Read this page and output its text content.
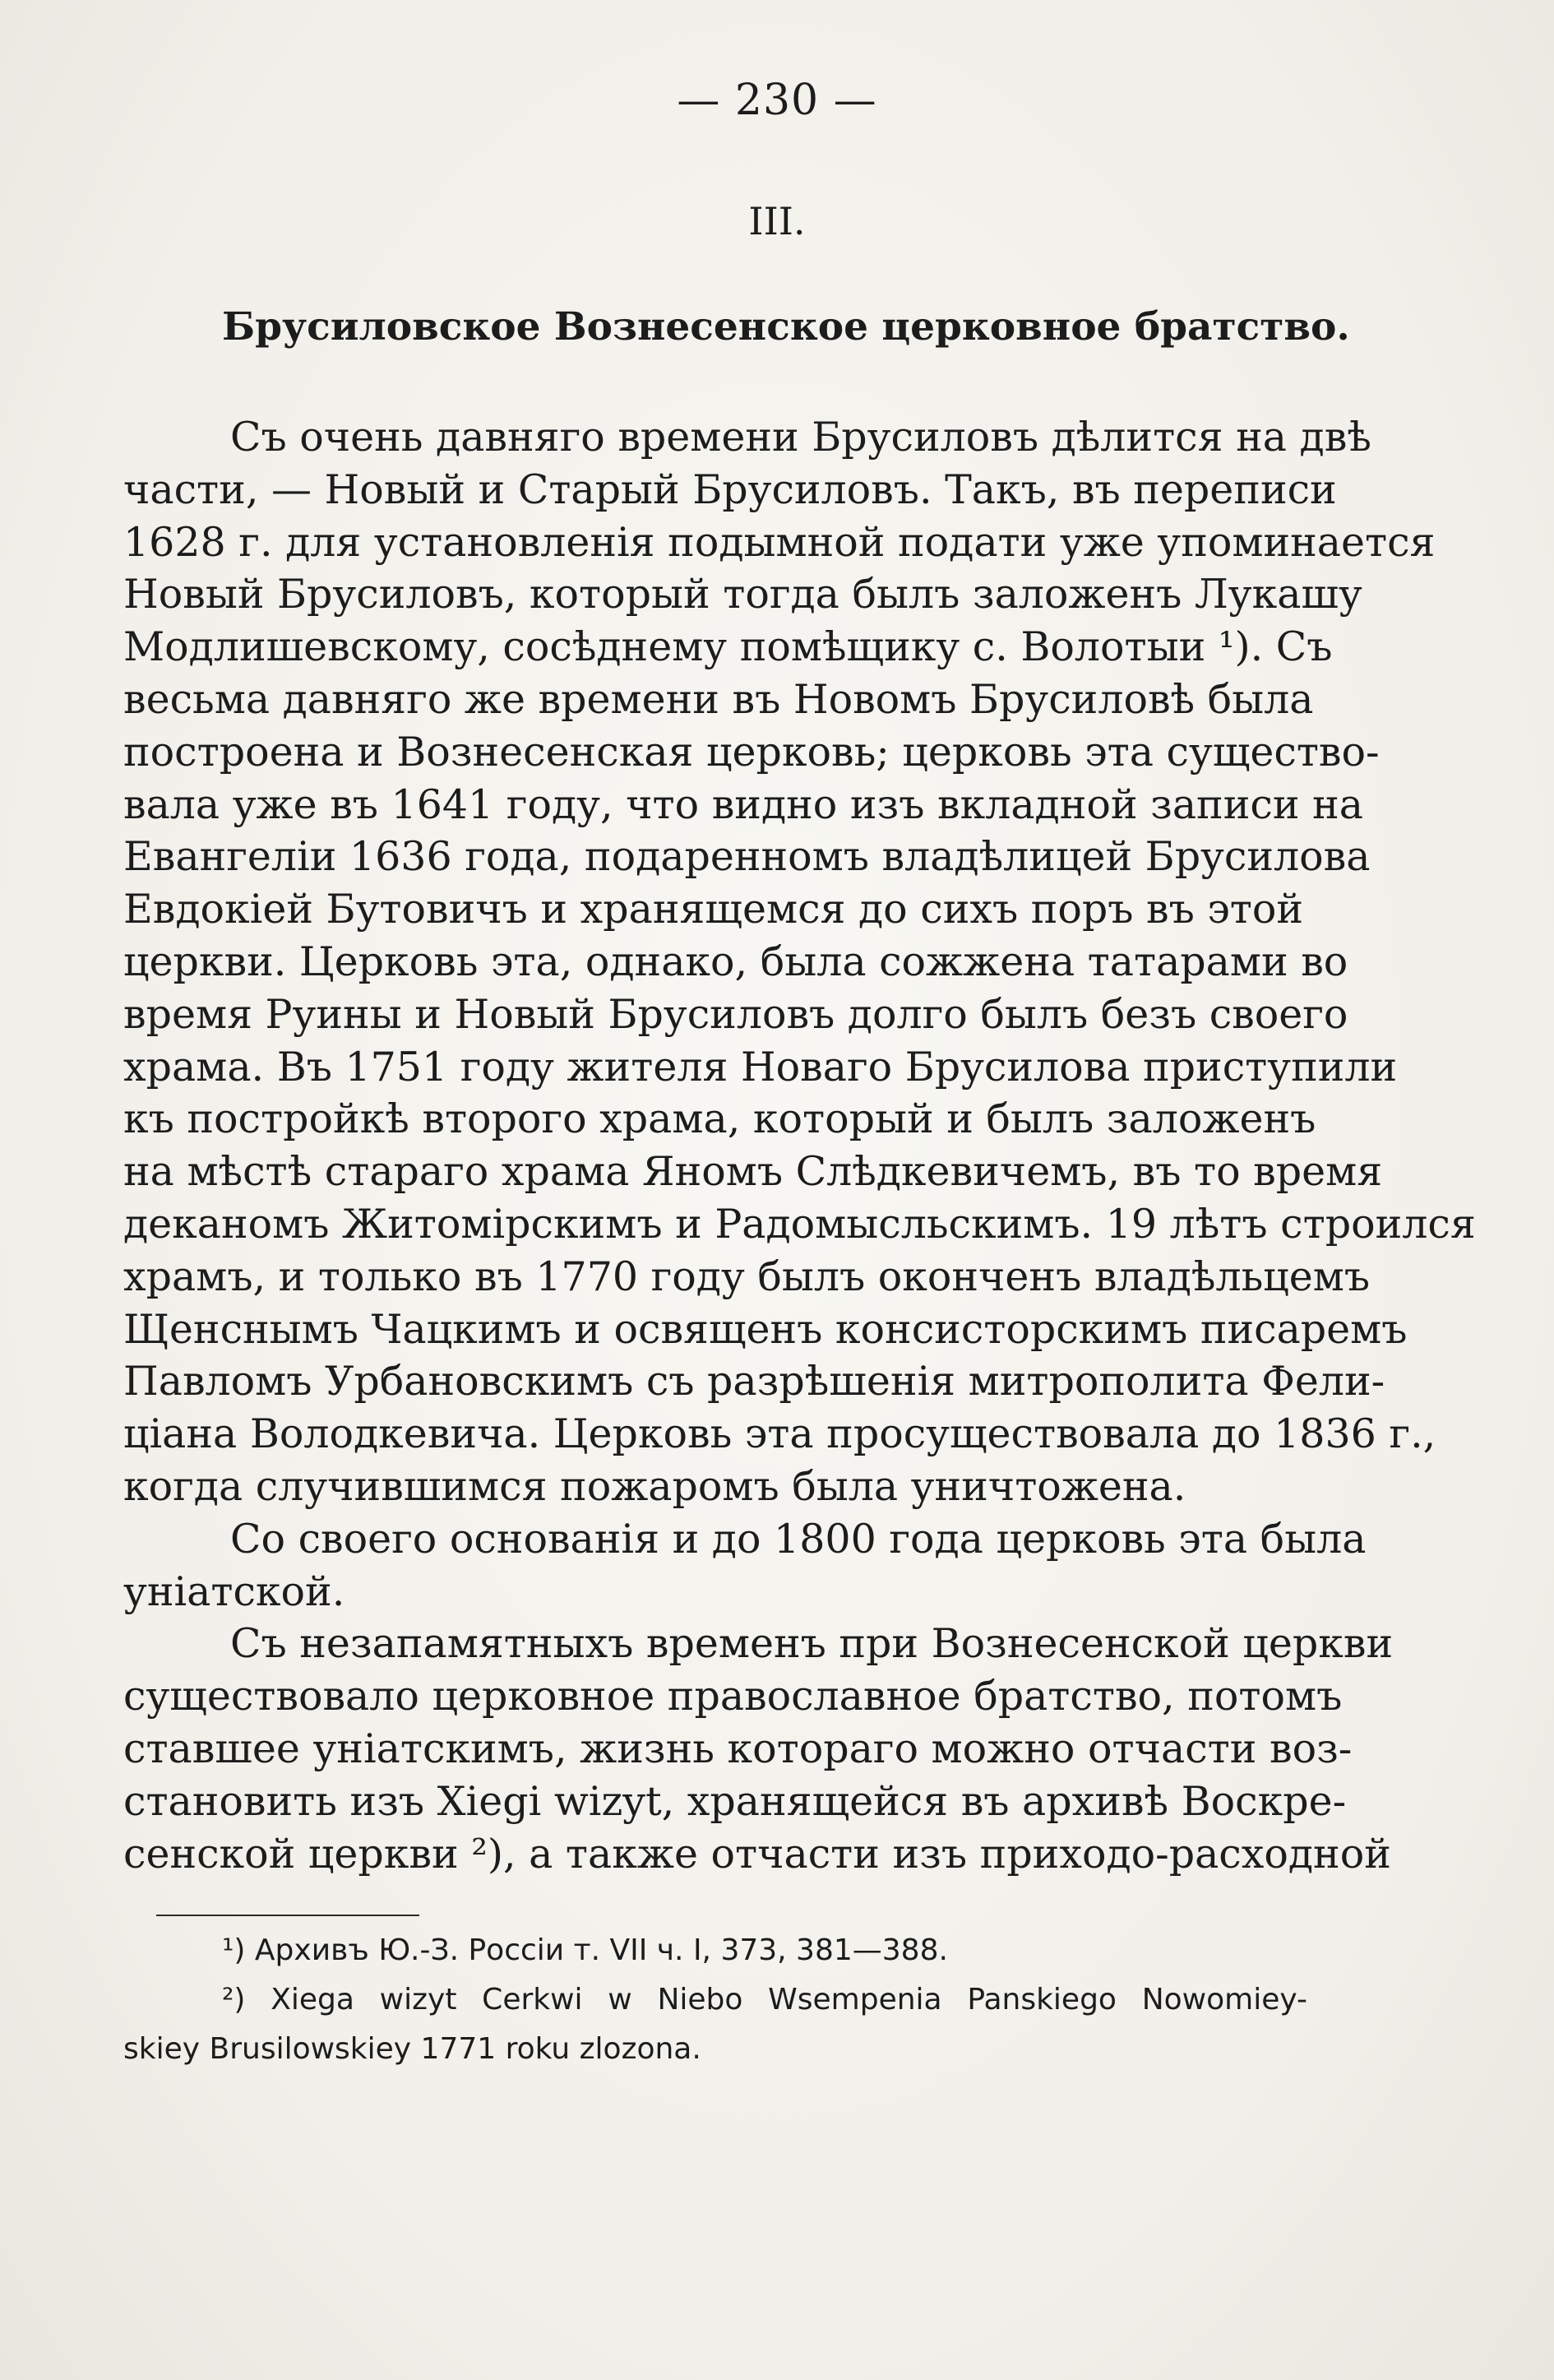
— 230 —
III.
Брусиловское Вознесенское церковное братство.

Съ очень давняго времени Брусиловъ дѣлится на двѣ
части, — Новый и Старый Брусиловъ. Такъ, въ переписи
1628 г. для установленія подымной подати уже упоминается
Новый Брусиловъ, который тогда былъ заложенъ Лукашу
Модлишевскому, сосѣднему помѣщику с. Волотыи ¹). Съ
весьма давняго же времени въ Новомъ Брусиловѣ была
построена и Вознесенская церковь; церковь эта существо-
вала уже въ 1641 году, что видно изъ вкладной записи на
Евангеліи 1636 года, подаренномъ владѣлицей Брусилова
Евдокіей Бутовичъ и хранящемся до сихъ поръ въ этой
церкви. Церковь эта, однако, была сожжена татарами во
время Руины и Новый Брусиловъ долго былъ безъ своего
храма. Въ 1751 году жителя Новаго Брусилова приступили
къ постройкѣ второго храма, который и былъ заложенъ
на мѣстѣ стараго храма Яномъ Слѣдкевичемъ, въ то время
деканомъ Житомірскимъ и Радомысльскимъ. 19 лѣтъ строился
храмъ, и только въ 1770 году былъ оконченъ владѣльцемъ
Щенснымъ Чацкимъ и освященъ консисторскимъ писаремъ
Павломъ Урбановскимъ съ разрѣшенія митрополита Фели-
ціана Володкевича. Церковь эта просуществовала до 1836 г.,
когда случившимся пожаромъ была уничтожена.

Со своего основанія и до 1800 года церковь эта была
уніатской.

Съ незапамятныхъ временъ при Вознесенской церкви
существовало церковное православное братство, потомъ
ставшее уніатскимъ, жизнь котораго можно отчасти воз-
становить изъ Xiegi wizyt, хранящейся въ архивѣ Воскре-
сенской церкви ²), а также отчасти изъ приходо-расходной

¹) Архивъ Ю.-З. Россіи т. VII ч. I, 373, 381—388.
²) Xiega wizyt Cerkwi w Niebo Wsempenia Panskiego Nowomiey-
skiey Brusilowskiey 1771 roku zlozona.
